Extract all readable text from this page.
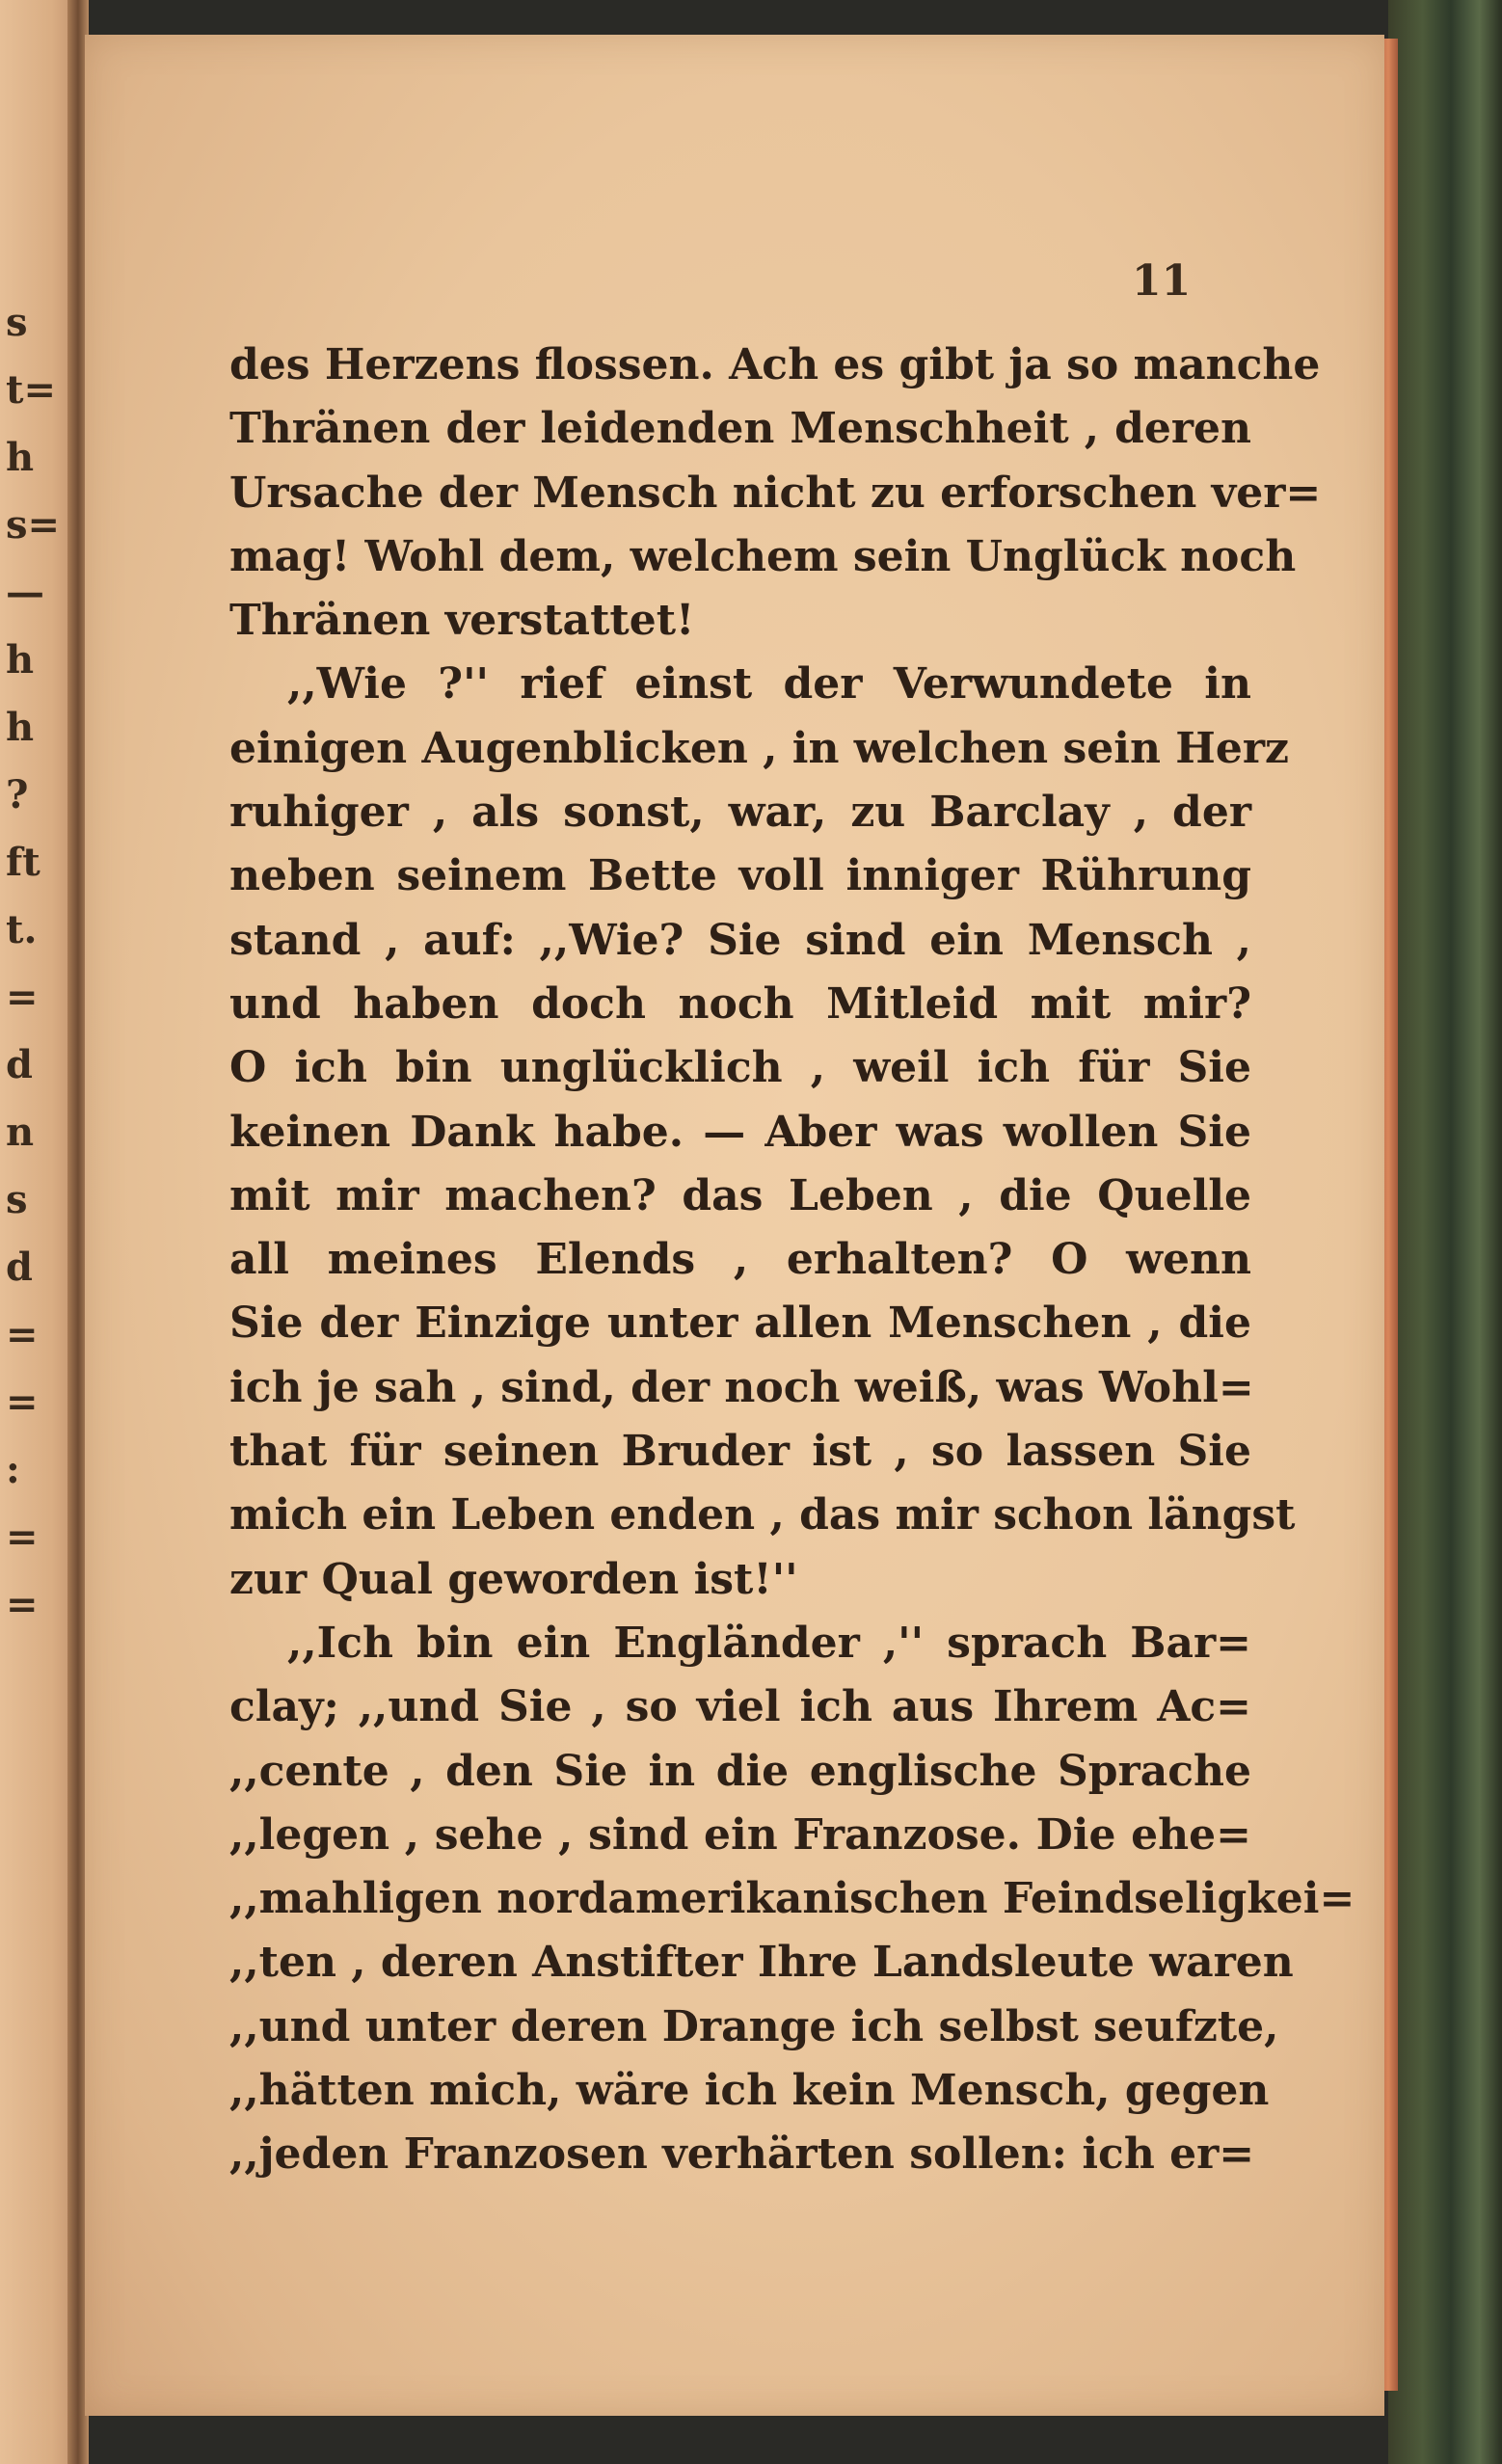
s
t=
h
s=
—
h
h
?
ft
t.
=
d
n
s
d
=
=
:
=
=
11
des Herzens flossen. Ach es gibt ja so manche
Thränen der leidenden Menschheit , deren
Ursache der Mensch nicht zu erforschen ver=
mag! Wohl dem, welchem sein Unglück noch
Thränen verstattet!
,,Wie ?'' rief einst der Verwundete in
einigen Augenblicken , in welchen sein Herz
ruhiger , als sonst, war, zu Barclay , der
neben seinem Bette voll inniger Rührung
stand , auf: ,,Wie? Sie sind ein Mensch ,
und haben doch noch Mitleid mit mir?
O ich bin unglücklich , weil ich für Sie
keinen Dank habe. — Aber was wollen Sie
mit mir machen? das Leben , die Quelle
all meines Elends , erhalten? O wenn
Sie der Einzige unter allen Menschen , die
ich je sah , sind, der noch weiß, was Wohl=
that für seinen Bruder ist , so lassen Sie
mich ein Leben enden , das mir schon längst
zur Qual geworden ist!''
,,Ich bin ein Engländer ,'' sprach Bar=
clay; ,,und Sie , so viel ich aus Ihrem Ac=
,,cente , den Sie in die englische Sprache
,,legen , sehe , sind ein Franzose. Die ehe=
,,mahligen nordamerikanischen Feindseligkei=
,,ten , deren Anstifter Ihre Landsleute waren
,,und unter deren Drange ich selbst seufzte,
,,hätten mich, wäre ich kein Mensch, gegen
,,jeden Franzosen verhärten sollen: ich er=
